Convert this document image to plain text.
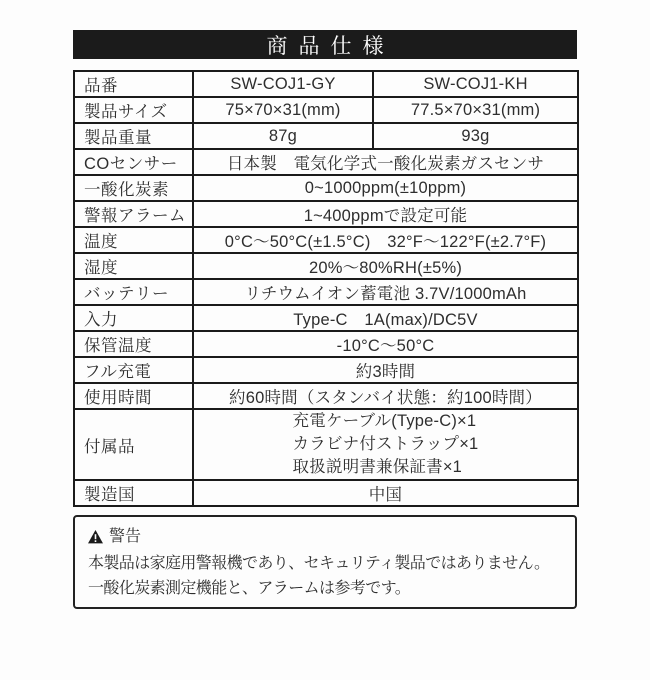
商品仕様
品番	SW-COJ1-GY	SW-COJ1-KH
製品サイズ	75×70×31(mm)	77.5×70×31(mm)
製品重量	87g	93g
COセンサー	日本製　電気化学式一酸化炭素ガスセンサ	
一酸化炭素	0~1000ppm(±10ppm)	
警報アラーム	1~400ppmで設定可能	
温度	0°C～50°C(±1.5°C)　32°F～122°F(±2.7°F)	
湿度	20%～80%RH(±5%)	
バッテリー	リチウムイオン蓄電池 3.7V/1000mAh	
入力	Type-C　1A(max)/DC5V	
保管温度	-10°C～50°C	
フル充電	約3時間	
使用時間	約60時間（スタンバイ状態：約100時間）	
付属品	充電ケーブル(Type-C)×1
カラビナ付ストラップ×1
取扱説明書兼保証書×1	

製造国	中国	
警告
本製品は家庭用警報機であり、セキュリティ製品ではありません。
一酸化炭素測定機能と、アラームは参考です。
